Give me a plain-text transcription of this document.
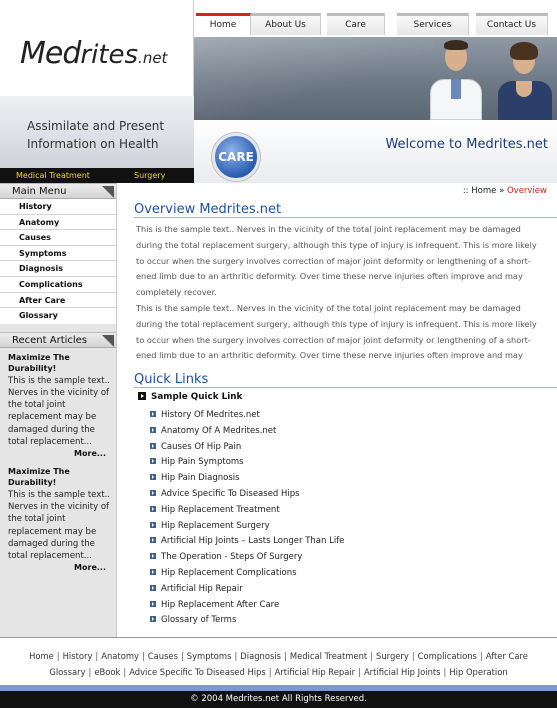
Medrites.net
Home	About Us	Care	Services	Contact Us
Assimilate and Present Information on Health
CARE
Welcome to Medrites.net
Medical Treatment	Surgery
Main Menu
History
Anatomy
Causes
Symptoms
Diagnosis
Complications
After Care
Glossary
Recent Articles
Maximize The Durability!
This is the sample text.. Nerves in the vicinity of the total joint replacement may be damaged during the total replacement...
More...
Maximize The Durability!
This is the sample text.. Nerves in the vicinity of the total joint replacement may be damaged during the total replacement...
More...
:: Home » Overview
Overview Medrites.net

This is the sample text.. Nerves in the vicinity of the total joint replacement may be damaged during the total replacement surgery, although this type of injury is infrequent. This is more likely to occur when the surgery involves correction of major joint deformity or lengthening of a short-ened limb due to an arthritic deformity. Over time these nerve injuries often improve and may completely recover.

This is the sample text.. Nerves in the vicinity of the total joint replacement may be damaged during the total replacement surgery, although this type of injury is infrequent. This is more likely to occur when the surgery involves correction of major joint deformity or lengthening of a short-ened limb due to an arthritic deformity. Over time these nerve injuries often improve and may

Quick Links
Sample Quick Link
History Of Medrites.net
Anatomy Of A Medrites.net
Causes Of Hip Pain
Hip Pain Symptoms
Hip Pain Diagnosis
Advice Specific To Diseased Hips
Hip Replacement Treatment
Hip Replacement Surgery
Artificial Hip Joints – Lasts Longer Than Life
The Operation - Steps Of Surgery
Hip Replacement Complications
Artificial Hip Repair
Hip Replacement After Care
Glossary of Terms
Home | History | Anatomy | Causes | Symptoms | Diagnosis | Medical Treatment | Surgery | Complications | After Care
Glossary | eBook | Advice Specific To Diseased Hips | Artificial Hip Repair | Artificial Hip Joints | Hip Operation
© 2004 Medrites.net All Rights Reserved.
